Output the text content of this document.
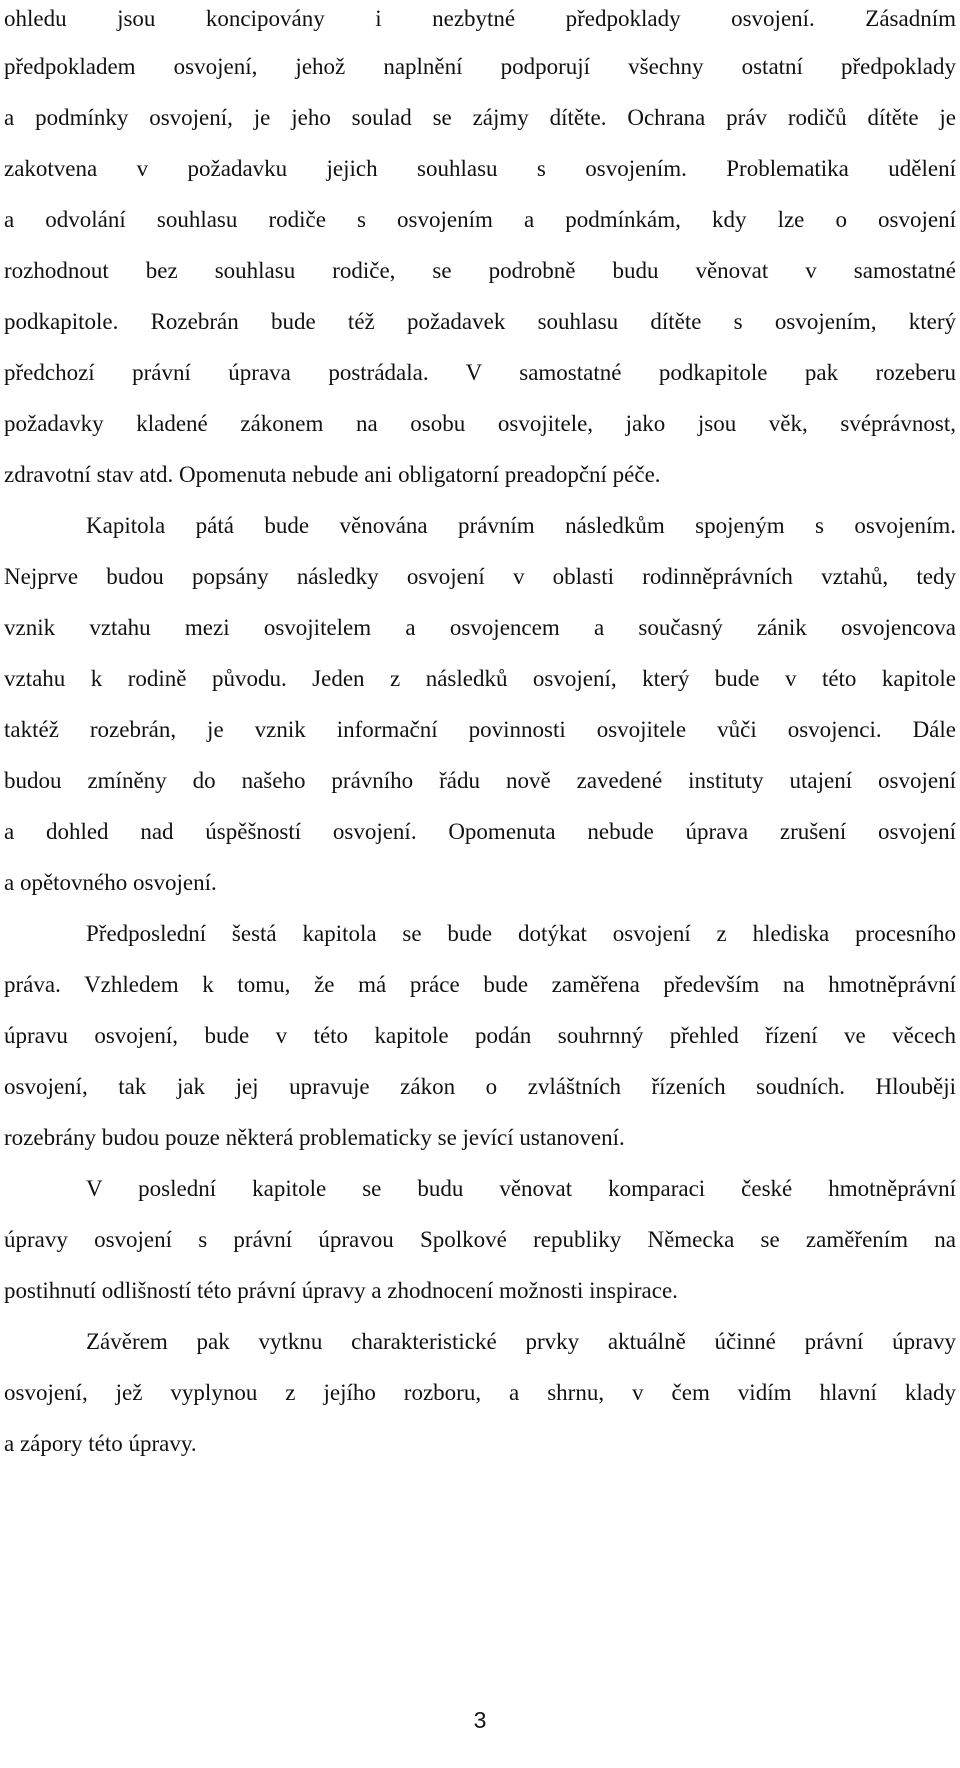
ohledu jsou koncipovány i nezbytné předpoklady osvojení. Zásadním
předpokladem osvojení, jehož naplnění podporují všechny ostatní předpoklady
a podmínky osvojení, je jeho soulad se zájmy dítěte. Ochrana práv rodičů dítěte je
zakotvena v požadavku jejich souhlasu s osvojením. Problematika udělení
a odvolání souhlasu rodiče s osvojením a podmínkám, kdy lze o osvojení
rozhodnout bez souhlasu rodiče, se podrobně budu věnovat v samostatné
podkapitole. Rozebrán bude též požadavek souhlasu dítěte s osvojením, který
předchozí právní úprava postrádala. V samostatné podkapitole pak rozeberu
požadavky kladené zákonem na osobu osvojitele, jako jsou věk, svéprávnost,
zdravotní stav atd. Opomenuta nebude ani obligatorní preadopční péče.
Kapitola pátá bude věnována právním následkům spojeným s osvojením.
Nejprve budou popsány následky osvojení v oblasti rodinněprávních vztahů, tedy
vznik vztahu mezi osvojitelem a osvojencem a současný zánik osvojencova
vztahu k rodině původu. Jeden z následků osvojení, který bude v této kapitole
taktéž rozebrán, je vznik informační povinnosti osvojitele vůči osvojenci. Dále
budou zmíněny do našeho právního řádu nově zavedené instituty utajení osvojení
a dohled nad úspěšností osvojení. Opomenuta nebude úprava zrušení osvojení
a opětovného osvojení.
Předposlední šestá kapitola se bude dotýkat osvojení z hlediska procesního
práva. Vzhledem k tomu, že má práce bude zaměřena především na hmotněprávní
úpravu osvojení, bude v této kapitole podán souhrnný přehled řízení ve věcech
osvojení, tak jak jej upravuje zákon o zvláštních řízeních soudních. Hlouběji
rozebrány budou pouze některá problematicky se jevící ustanovení.
V poslední kapitole se budu věnovat komparaci české hmotněprávní
úpravy osvojení s právní úpravou Spolkové republiky Německa se zaměřením na
postihnutí odlišností této právní úpravy a zhodnocení možnosti inspirace.
Závěrem pak vytknu charakteristické prvky aktuálně účinné právní úpravy
osvojení, jež vyplynou z jejího rozboru, a shrnu, v čem vidím hlavní klady
a zápory této úpravy.
3
